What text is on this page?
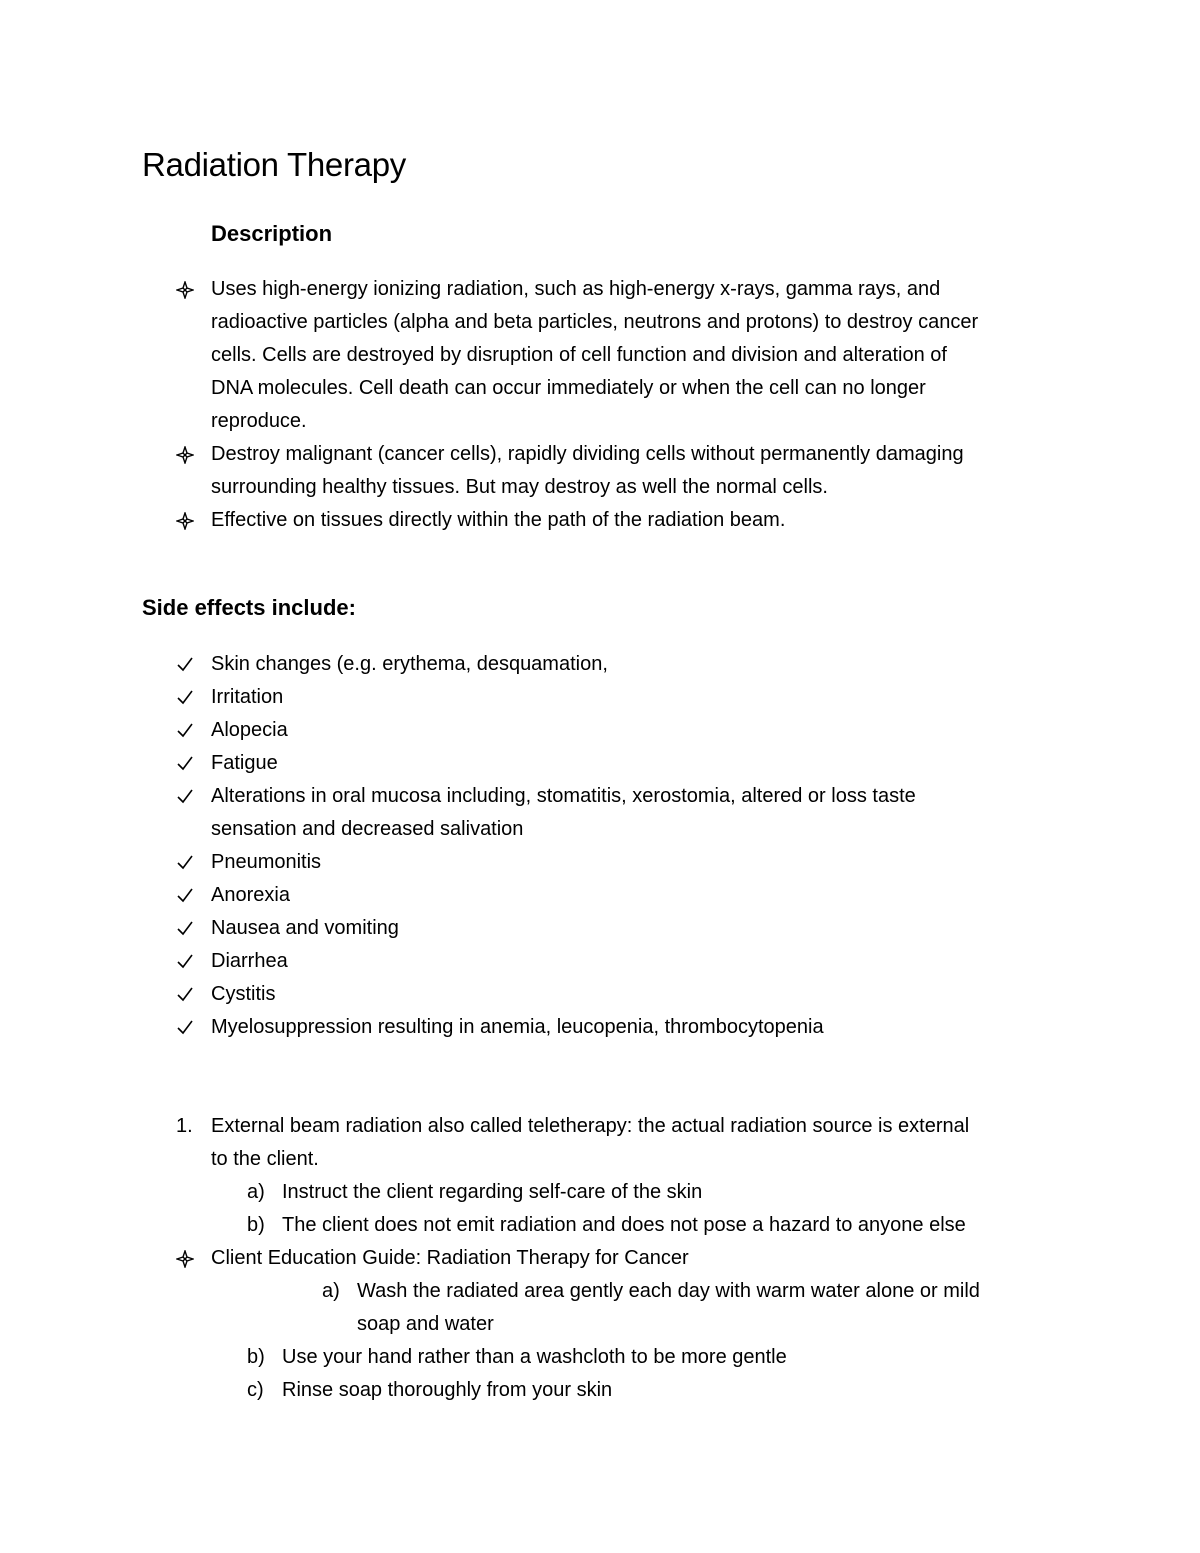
Radiation Therapy
Description
Uses high-energy ionizing radiation, such as high-energy x-rays, gamma rays, and
radioactive particles (alpha and beta particles, neutrons and protons) to destroy cancer
cells. Cells are destroyed by disruption of cell function and division and alteration of
DNA molecules. Cell death can occur immediately or when the cell can no longer
reproduce.
Destroy malignant (cancer cells), rapidly dividing cells without permanently damaging
surrounding healthy tissues. But may destroy as well the normal cells.
Effective on tissues directly within the path of the radiation beam.
Side effects include:
Skin changes (e.g. erythema, desquamation,
Irritation
Alopecia
Fatigue
Alterations in oral mucosa including, stomatitis, xerostomia, altered or loss taste
sensation and decreased salivation
Pneumonitis
Anorexia
Nausea and vomiting
Diarrhea
Cystitis
Myelosuppression resulting in anemia, leucopenia, thrombocytopenia
1. External beam radiation also called teletherapy: the actual radiation source is external
to the client.
a) Instruct the client regarding self-care of the skin
b) The client does not emit radiation and does not pose a hazard to anyone else
Client Education Guide: Radiation Therapy for Cancer
a) Wash the radiated area gently each day with warm water alone or mild
soap and water
b) Use your hand rather than a washcloth to be more gentle
c) Rinse soap thoroughly from your skin
